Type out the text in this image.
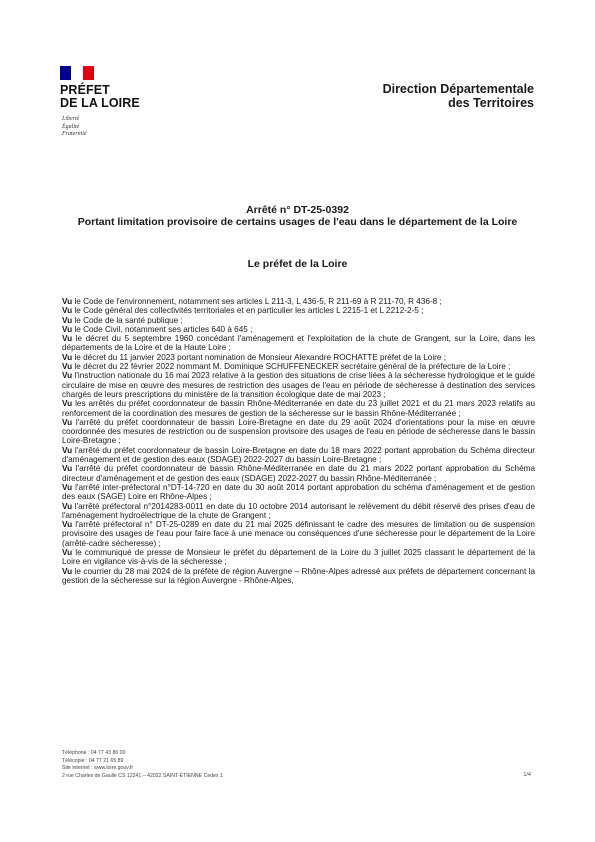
PRÉFET
DE LA LOIRE
Liberté
Égalité
Fraternité
Direction Départementale
des Territoires
Arrêté n° DT-25-0392
Portant limitation provisoire de certains usages de l'eau dans le département de la Loire
Le préfet de la Loire

Vu le Code de l'environnement, notamment ses articles L 211-3, L 436-5, R 211-69 à R 211-70, R 436-8 ;

Vu le Code général des collectivités territoriales et en particulier les articles L 2215-1 et L 2212-2-5 ;

Vu le Code de la santé publique ;

Vu le Code Civil, notamment ses articles 640 à 645 ;

Vu le décret du 5 septembre 1960 concédant l'aménagement et l'exploitation de la chute de Grangent, sur la Loire, dans les départements de la Loire et de la Haute Loire ;

Vu le décret du 11 janvier 2023 portant nomination de Monsieur Alexandre ROCHATTE préfet de la Loire ;

Vu le décret du 22 février 2022 nommant M. Dominique SCHUFFENECKER secrétaire général de la préfecture de la Loire ;

Vu l'instruction nationale du 16 mai 2023 relative à la gestion des situations de crise liées à la sécheresse hydrologique et le guide circulaire de mise en œuvre des mesures de restriction des usages de l'eau en période de sécheresse à destination des services chargés de leurs prescriptions du ministère de la transition écologique date de mai 2023 ;

Vu les arrêtés du préfet coordonnateur de bassin Rhône-Méditerranée en date du 23 juillet 2021 et du 21 mars 2023 relatifs au renforcement de la coordination des mesures de gestion de la sécheresse sur le bassin Rhône-Méditerranée ;

Vu l'arrêté du préfet coordonnateur de bassin Loire-Bretagne en date du 29 août 2024 d'orientations pour la mise en œuvre coordonnée des mesures de restriction ou de suspension provisoire des usages de l'eau en période de sécheresse dans le bassin Loire-Bretagne ;

Vu l'arrêté du préfet coordonnateur de bassin Loire-Bretagne en date du 18 mars 2022 portant approbation du Schéma directeur d'aménagement et de gestion des eaux (SDAGE) 2022-2027 du bassin Loire-Bretagne ;

Vu l'arrêté du préfet coordonnateur de bassin Rhône-Méditerranée en date du 21 mars 2022 portant approbation du Schéma directeur d'aménagement et de gestion des eaux (SDAGE) 2022-2027 du bassin Rhône-Méditerranée ;

Vu l'arrêté inter-préfectoral n°DT-14-720 en date du 30 août 2014 portant approbation du schéma d'aménagement et de gestion des eaux (SAGE) Loire en Rhône-Alpes ;

Vu l'arrêté préfectoral n°2014283-0011 en date du 10 octobre 2014 autorisant le relèvement du débit réservé des prises d'eau de l'aménagement hydroélectrique de la chute de Grangent ;

Vu l'arrêté préfectoral n° DT-25-0289 en date du 21 mai 2025 définissant le cadre des mesures de limitation ou de suspension provisoire des usages de l'eau pour faire face à une menace ou conséquences d'une sécheresse pour le département de la Loire (arrêté-cadre sécheresse) ;

Vu le communiqué de presse de Monsieur le préfet du département de la Loire du 3 juillet 2025 classant le département de la Loire en vigilance vis-à-vis de la sécheresse ;

Vu le courrier du 28 mai 2024 de la préfète de région Auvergne – Rhône-Alpes adressé aux préfets de département concernant la gestion de la sécheresse sur la région Auvergne - Rhône-Alpes,

Téléphone : 04 77 43 80 00
Télécopie : 04 77 21 65 89
Site internet : www.loire.gouv.fr
2 rue Charles de Gaulle CS 12241 – 42022 SAINT-ÉTIENNE Cedex 1	1/4
